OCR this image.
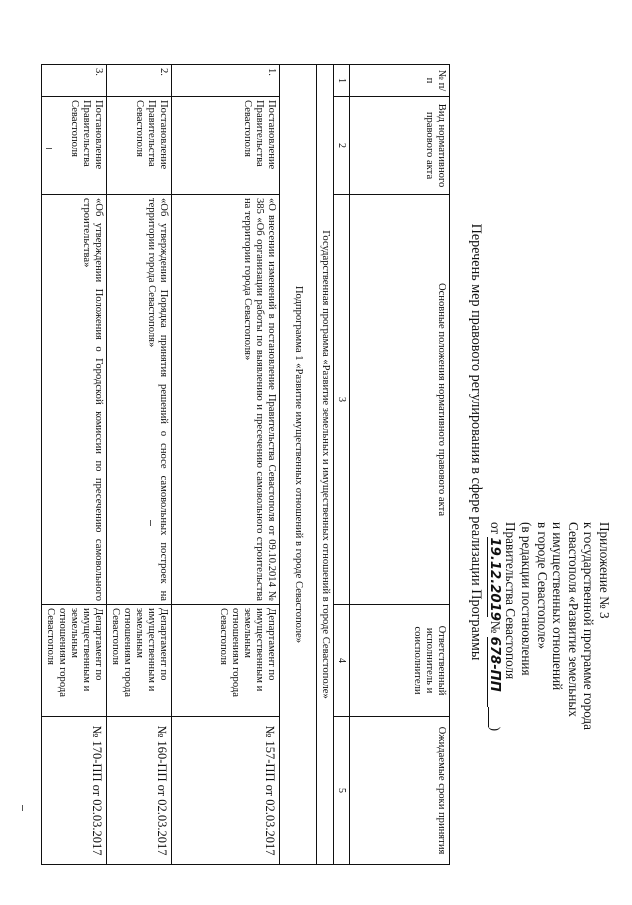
Приложение № 3
к государственной программе города
Севастополя «Развитие земельных
и имущественных отношений
в городе Севастополе»
(в редакции постановления
Правительства Севастополя
от 19.12.2019 № 678-ПП )
Перечень мер правового регулирования в сфере реализации Программы
№ п/п	Вид нормативного правового акта	Основные положения нормативного правового акта	Ответственный исполнитель и соисполнители	Ожидаемые сроки принятия
1	2	3	4	5
Государственная программа «Развитие земельных и имущественных отношений в городе Севастополе»				
Подпрограмма 1 «Развитие имущественных отношений в городе Севастополе»				
1.	Постановление Правительства Севастополя	«О внесении изменений в постановление Правительства Севастополя от 09.10.2014 № 385 «Об организации работы по выявлению и пресечению самовольного строительства на территории города Севастополя»	Департамент по имущественным и земельным отношениям города Севастополя	№ 157-ПП от 02.03.2017
2.	Постановление Правительства Севастополя	«Об утверждении Порядка принятия решений о сносе самовольных построек на территории города Севастополя»	Департамент по имущественным и земельным отношениям города Севастополя	№ 160-ПП от 02.03.2017
3.	Постановление Правительства Севастополя	«Об утверждении Положения о Городской комиссии по пресечению самовольного строительства»	Департамент по имущественным и земельным отношениям города Севастополя	№ 170-ПП от 02.03.2017
